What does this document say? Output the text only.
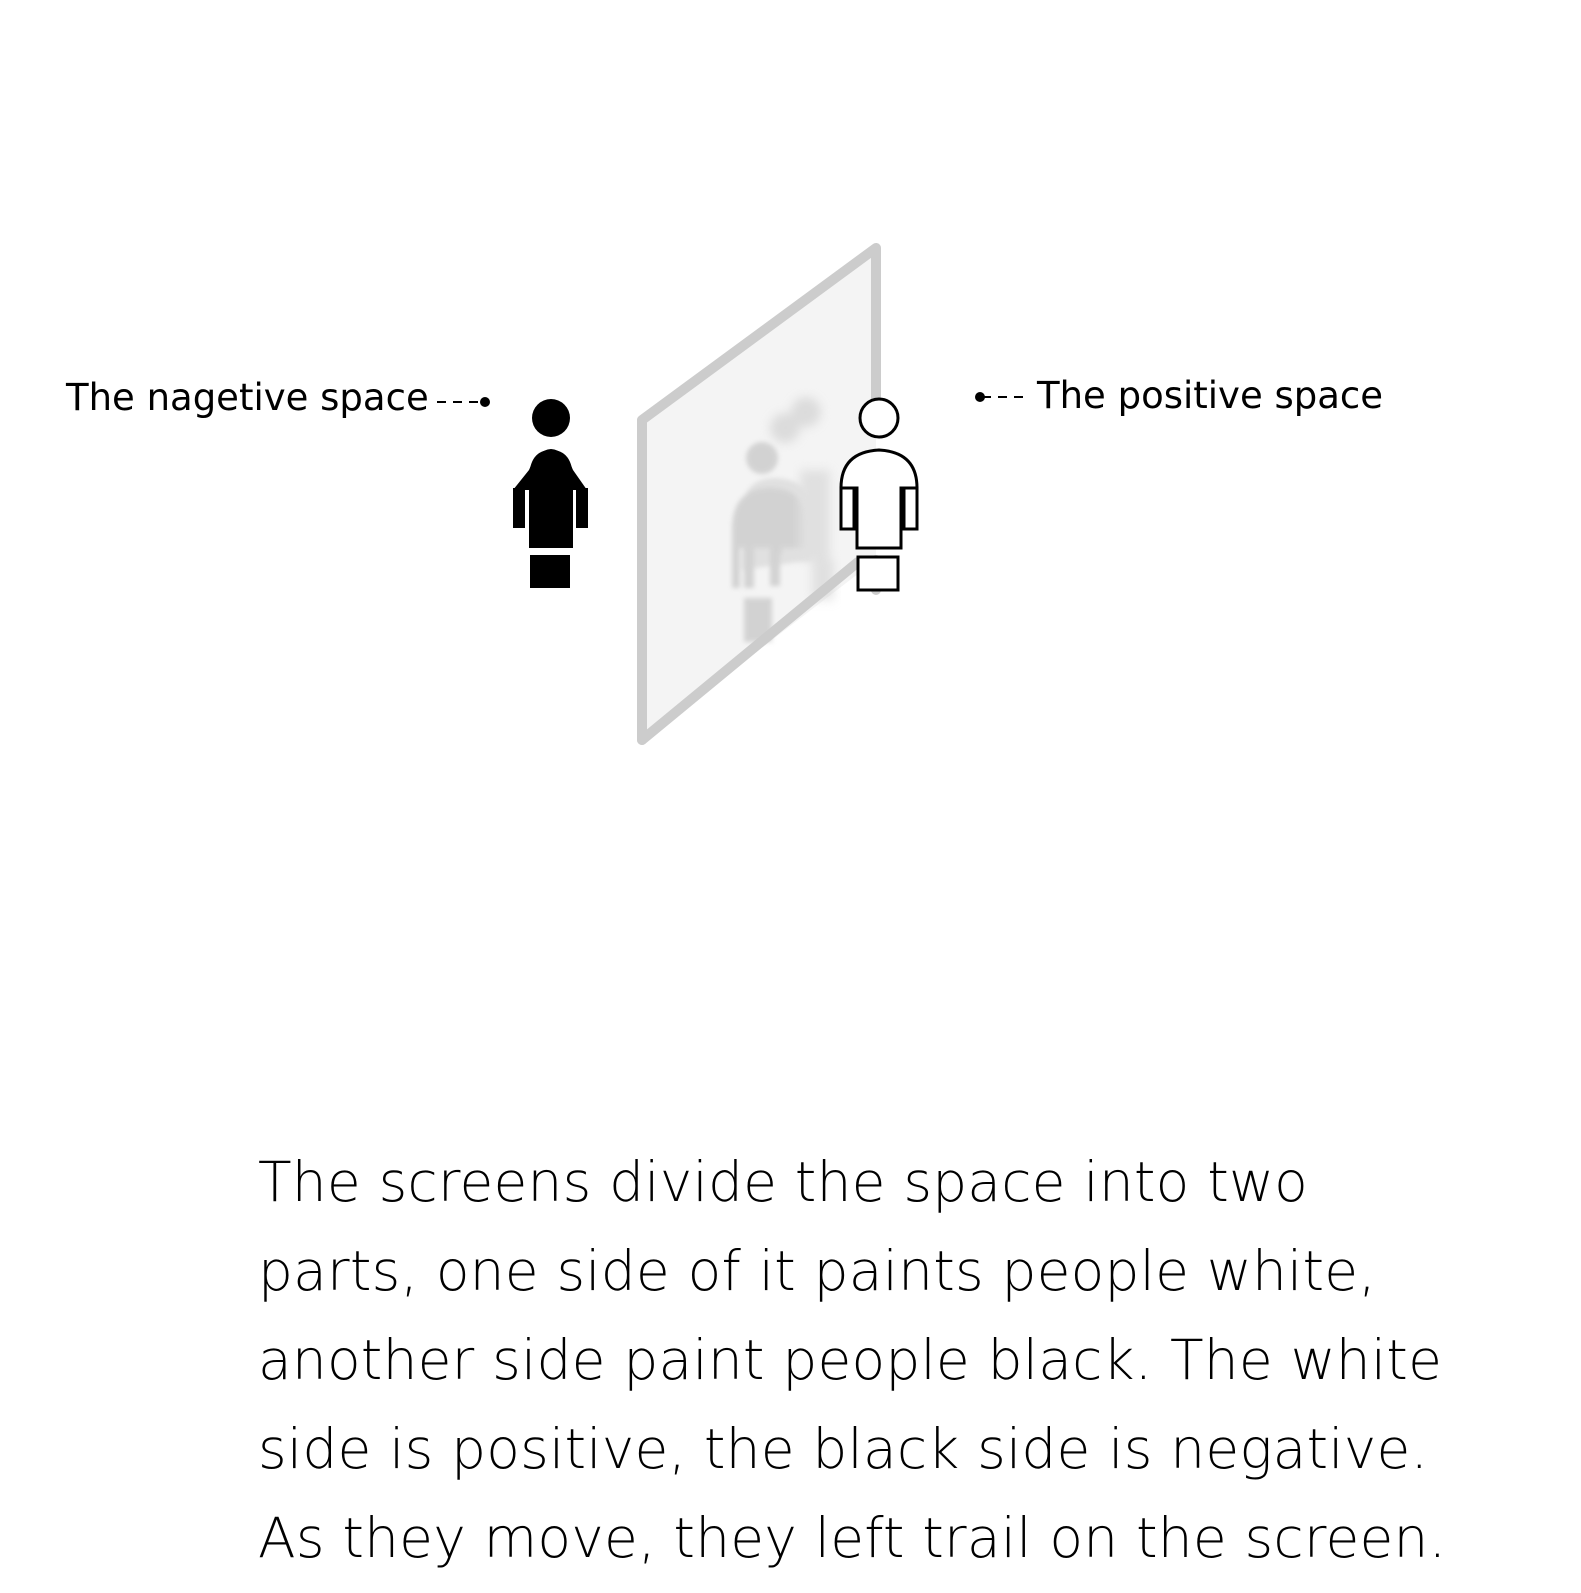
The nagetive space	The positive space
The screens divide the space into two
parts, one side of it paints people white,
another side paint people black. The white
side is positive, the black side is negative.
As they move, they left trail on the screen.
